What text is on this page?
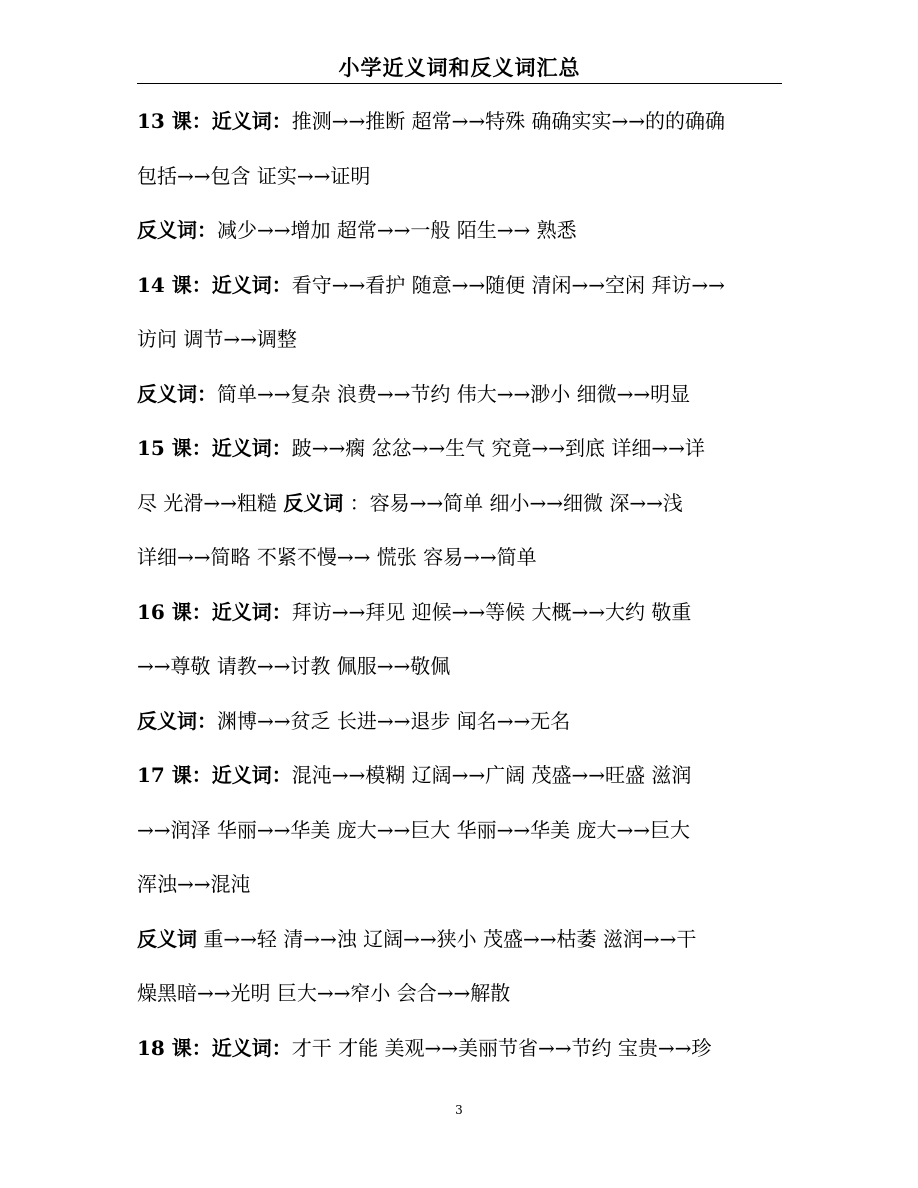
小学近义词和反义词汇总
13 课：近义词：推测→→推断 超常→→特殊 确确实实→→的的确确
包括→→包含 证实→→证明
反义词：减少→→增加 超常→→一般 陌生→→ 熟悉
14 课：近义词：看守→→看护 随意→→随便 清闲→→空闲 拜访→→
访问 调节→→调整
反义词：简单→→复杂 浪费→→节约 伟大→→渺小 细微→→明显
15 课：近义词：跛→→瘸 忿忿→→生气 究竟→→到底 详细→→详
尽 光滑→→粗糙 反义词 ：容易→→简单 细小→→细微 深→→浅
详细→→简略 不紧不慢→→ 慌张 容易→→简单
16 课：近义词：拜访→→拜见 迎候→→等候 大概→→大约 敬重
→→尊敬 请教→→讨教 佩服→→敬佩
反义词：渊博→→贫乏 长进→→退步 闻名→→无名
17 课：近义词：混沌→→模糊 辽阔→→广阔 茂盛→→旺盛 滋润
→→润泽 华丽→→华美 庞大→→巨大 华丽→→华美 庞大→→巨大
浑浊→→混沌
反义词 重→→轻 清→→浊 辽阔→→狭小 茂盛→→枯萎 滋润→→干
燥黑暗→→光明 巨大→→窄小 会合→→解散
18 课：近义词：才干 才能 美观→→美丽节省→→节约 宝贵→→珍
3
